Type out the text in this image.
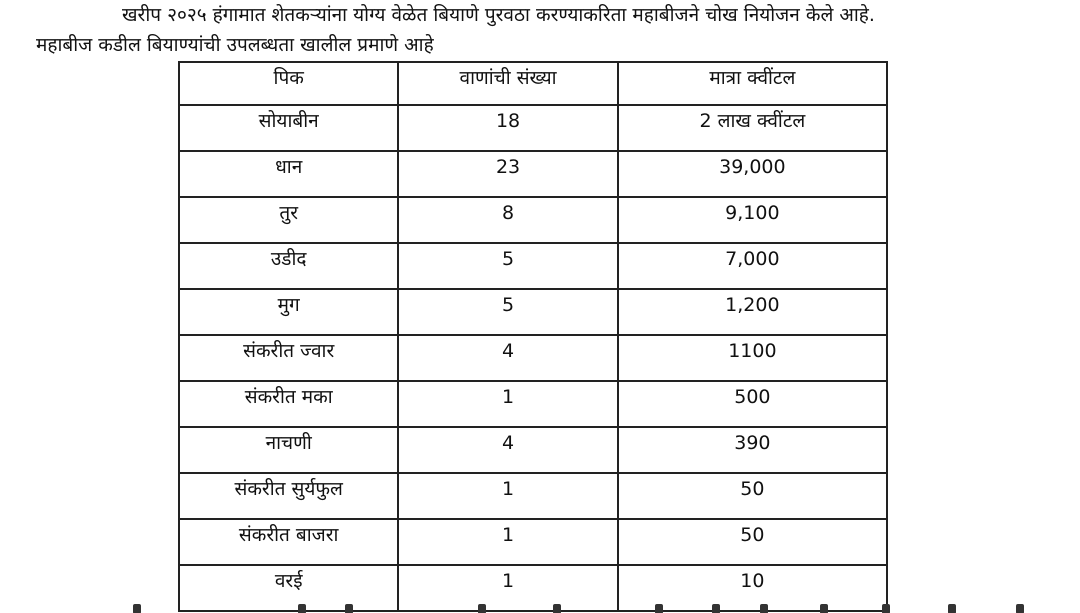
खरीप २०२५ हंगामात शेतकऱ्यांना योग्य वेळेत बियाणे पुरवठा करण्याकरिता महाबीजने चोख नियोजन केले आहे.
महाबीज कडील बियाण्यांची उपलब्धता खालील प्रमाणे आहे
पिक	वाणांची संख्या	मात्रा क्वींटल
सोयाबीन	18	2 लाख क्वींटल
धान	23	39,000
तुर	8	9,100
उडीद	5	7,000
मुग	5	1,200
संकरीत ज्वार	4	1100
संकरीत मका	1	500
नाचणी	4	390
संकरीत सुर्यफुल	1	50
संकरीत बाजरा	1	50
वरई	1	10
